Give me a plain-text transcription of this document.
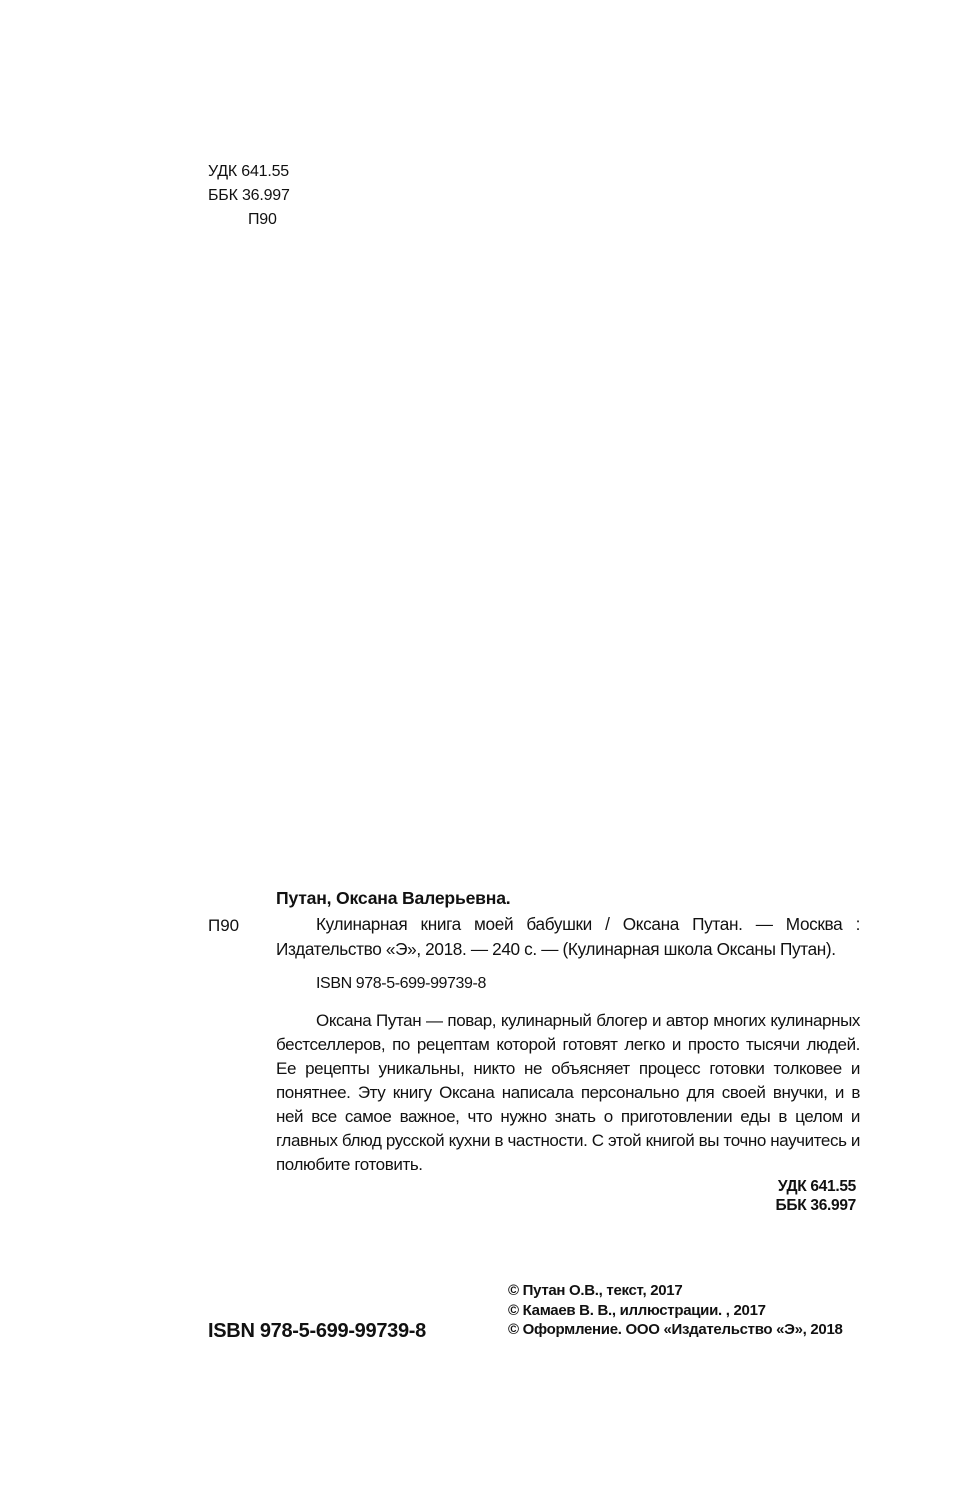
УДК 641.55
ББК 36.997
П90
П90
Путан, Оксана Валерьевна.
Кулинарная книга моей бабушки / Оксана Путан. — Москва : Издательство «Э», 2018. — 240 с. — (Кулинарная школа Оксаны Путан).
ISBN 978-5-699-99739-8
Оксана Путан — повар, кулинарный блогер и автор многих кулинарных бестселлеров, по рецептам которой готовят легко и просто тысячи людей. Ее рецепты уникальны, никто не объясняет процесс готовки толковее и понятнее. Эту книгу Оксана написала персонально для своей внучки, и в ней все самое важное, что нужно знать о приготовлении еды в целом и главных блюд русской кухни в частности. С этой книгой вы точно научитесь и полюбите готовить.
УДК 641.55
ББК 36.997
ISBN 978-5-699-99739-8
© Путан О.В., текст, 2017
© Камаев В. В., иллюстрации. , 2017
© Оформление. ООО «Издательство «Э», 2018
